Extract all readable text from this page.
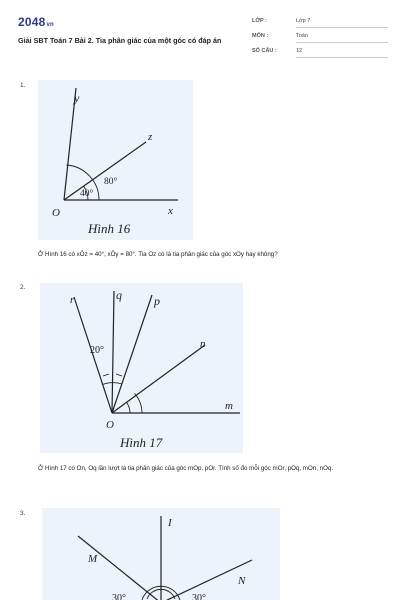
2048vn
Giải SBT Toán 7 Bài 2. Tia phân giác của một góc có đáp án
LỚP :	Lớp 7
MÔN :	Toán
SỐ CÂU :	12
1.
y
z
x
O
40°
80°
Hình 16
Ở Hình 16 có xÔz = 40°, xÔy = 80°. Tia Oz có là tia phân giác của góc xOy hay không?
2.
r	q	p
n
m
O
20°
Hình 17
Ở Hình 17 có On, Oq lần lượt là tia phân giác của góc mOp, pOr. Tính số đo mỗi góc mOr, pOq, mOn, nOq.
3.
I
M
N
30°	30°
